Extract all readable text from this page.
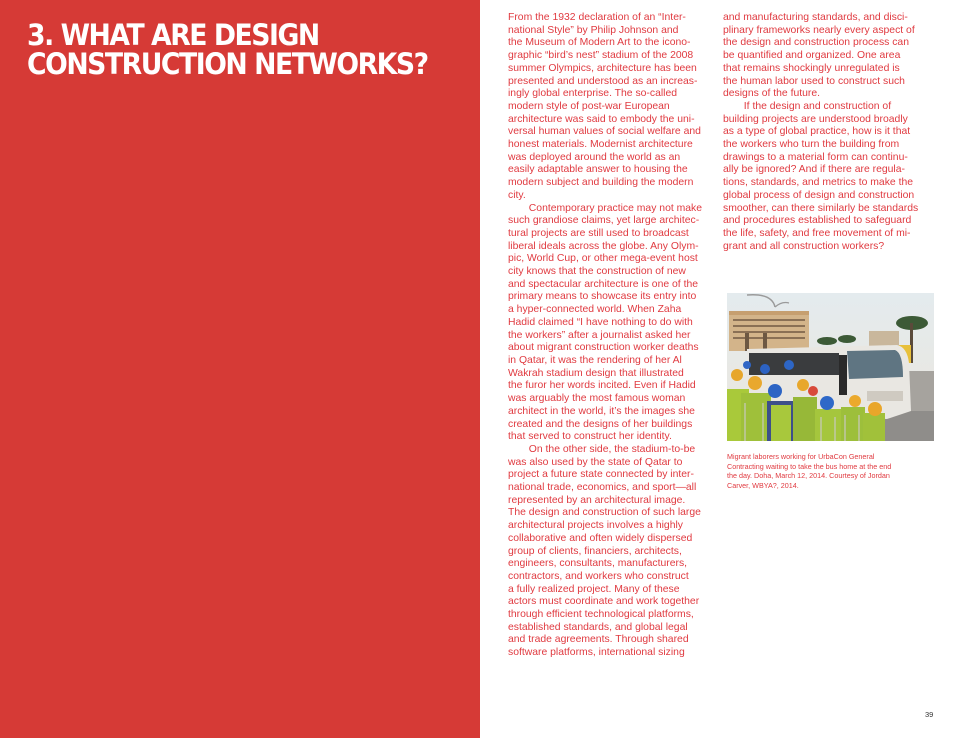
3. WHAT ARE DESIGN
CONSTRUCTION NETWORKS?

From the 1932 declaration of an “Inter-

national Style” by Philip Johnson and

the Museum of Modern Art to the icono-

graphic “bird’s nest” stadium of the 2008

summer Olympics, architecture has been

presented and understood as an increas-

ingly global enterprise. The so-called

modern style of post-war European

architecture was said to embody the uni-

versal human values of social welfare and

honest materials. Modernist architecture

was deployed around the world as an

easily adaptable answer to housing the

modern subject and building the modern

city.

  Contemporary practice may not make

such grandiose claims, yet large architec-

tural projects are still used to broadcast

liberal ideals across the globe. Any Olym-

pic, World Cup, or other mega-event host

city knows that the construction of new

and spectacular architecture is one of the

primary means to showcase its entry into

a hyper-connected world. When Zaha

Hadid claimed “I have nothing to do with

the workers” after a journalist asked her

about migrant construction worker deaths

in Qatar, it was the rendering of her Al

Wakrah stadium design that illustrated

the furor her words incited. Even if Hadid

was arguably the most famous woman

architect in the world, it’s the images she

created and the designs of her buildings

that served to construct her identity.

  On the other side, the stadium-to-be

was also used by the state of Qatar to

project a future state connected by inter-

national trade, economics, and sport—all

represented by an architectural image.

The design and construction of such large

architectural projects involves a highly

collaborative and often widely dispersed

group of clients, financiers, architects,

engineers, consultants, manufacturers,

contractors, and workers who construct

a fully realized project. Many of these

actors must coordinate and work together

through efficient technological platforms,

established standards, and global legal

and trade agreements. Through shared

software platforms, international sizing

and manufacturing standards, and disci-

plinary frameworks nearly every aspect of

the design and construction process can

be quantified and organized. One area

that remains shockingly unregulated is

the human labor used to construct such

designs of the future.

  If the design and construction of

building projects are understood broadly

as a type of global practice, how is it that

the workers who turn the building from

drawings to a material form can continu-

ally be ignored? And if there are regula-

tions, standards, and metrics to make the

global process of design and construction

smoother, can there similarly be standards

and procedures established to safeguard

the life, safety, and free movement of mi-

grant and all construction workers?

Migrant laborers working for UrbaCon General

Contracting waiting to take the bus home at the end

the day. Doha, March 12, 2014. Courtesy of Jordan

Carver, WBYA?, 2014.

39
